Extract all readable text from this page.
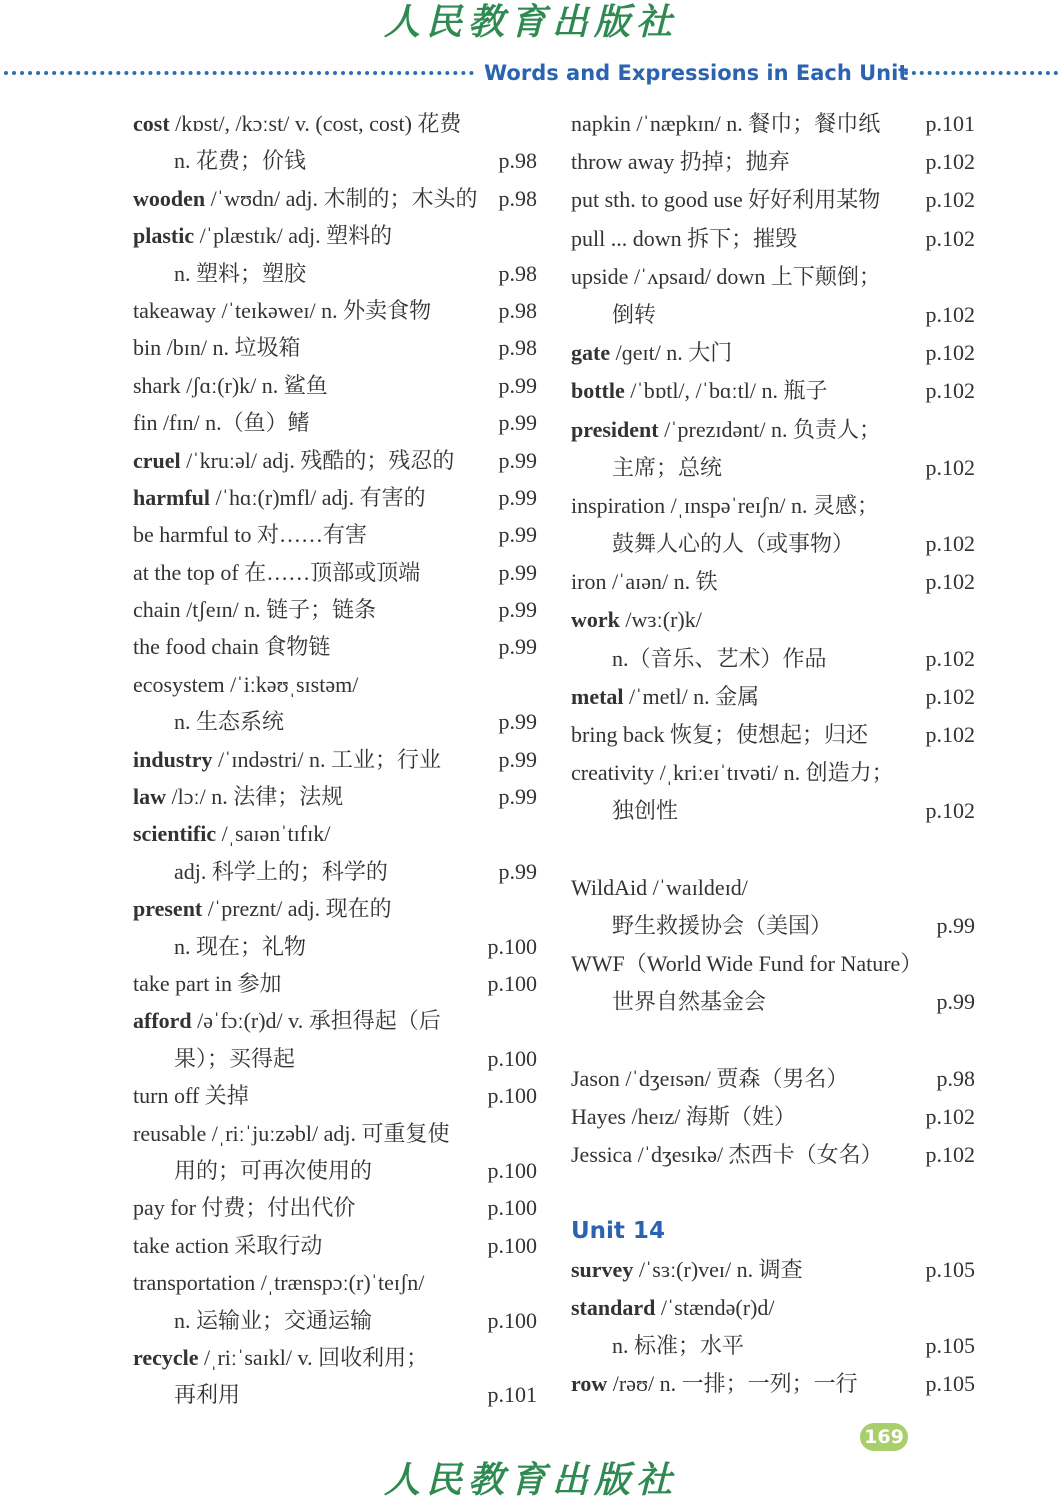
人民教育出版社
Words and Expressions in Each Unit
cost /kɒst/, /kɔːst/ v. (cost, cost) 花费
n. 花费；价钱	p.98
wooden /ˈwʊdn/ adj. 木制的；木头的 p.98
plastic /ˈplæstɪk/ adj. 塑料的
n. 塑料；塑胶	p.98
takeaway /ˈteɪkəweɪ/ n. 外卖食物	p.98
bin /bɪn/ n. 垃圾箱	p.98
shark /ʃɑː(r)k/ n. 鲨鱼	p.99
fin /fɪn/ n.（鱼）鳍	p.99
cruel /ˈkruːəl/ adj. 残酷的；残忍的 p.99
harmful /ˈhɑː(r)mfl/ adj. 有害的	p.99
be harmful to 对……有害	p.99
at the top of 在……顶部或顶端	p.99
chain /tʃeɪn/ n. 链子；链条	p.99
the food chain 食物链	p.99
ecosystem /ˈiːkəʊˌsɪstəm/
n. 生态系统	p.99
industry /ˈɪndəstri/ n. 工业；行业	p.99
law /lɔː/ n. 法律；法规	p.99
scientific /ˌsaɪənˈtɪfɪk/
adj. 科学上的；科学的	p.99
present /ˈpreznt/ adj. 现在的
n. 现在；礼物	p.100
take part in 参加	p.100
afford /əˈfɔː(r)d/ v. 承担得起（后
果）；买得起	p.100
turn off 关掉	p.100
reusable /ˌriːˈjuːzəbl/ adj. 可重复使
用的；可再次使用的	p.100
pay for 付费；付出代价	p.100
take action 采取行动	p.100
transportation /ˌtrænspɔː(r)ˈteɪʃn/
n. 运输业；交通运输	p.100
recycle /ˌriːˈsaɪkl/ v. 回收利用；
再利用	p.101
napkin /ˈnæpkɪn/ n. 餐巾；餐巾纸 p.101
throw away 扔掉；抛弃	p.102
put sth. to good use 好好利用某物 p.102
pull ... down 拆下；摧毁	p.102
upside /ˈʌpsaɪd/ down 上下颠倒；
倒转	p.102
gate /ɡeɪt/ n. 大门	p.102
bottle /ˈbɒtl/, /ˈbɑːtl/ n. 瓶子	p.102
president /ˈprezɪdənt/ n. 负责人；
主席；总统	p.102
inspiration /ˌɪnspəˈreɪʃn/ n. 灵感；
鼓舞人心的人（或事物）	p.102
iron /ˈaɪən/ n. 铁	p.102
work /wɜː(r)k/
n.（音乐、艺术）作品	p.102
metal /ˈmetl/ n. 金属	p.102
bring back 恢复；使想起；归还	p.102
creativity /ˌkriːeɪˈtɪvəti/ n. 创造力；
独创性	p.102
WildAid /ˈwaɪldeɪd/
野生救援协会（美国）	p.99
WWF（World Wide Fund for Nature）
世界自然基金会	p.99
Jason /ˈdʒeɪsən/ 贾森（男名）	p.98
Hayes /heɪz/ 海斯（姓）	p.102
Jessica /ˈdʒesɪkə/ 杰西卡（女名） p.102
Unit 14
survey /ˈsɜː(r)veɪ/ n. 调查	p.105
standard /ˈstændə(r)d/
n. 标准；水平	p.105
row /rəʊ/ n. 一排；一列；一行	p.105
169
人民教育出版社
